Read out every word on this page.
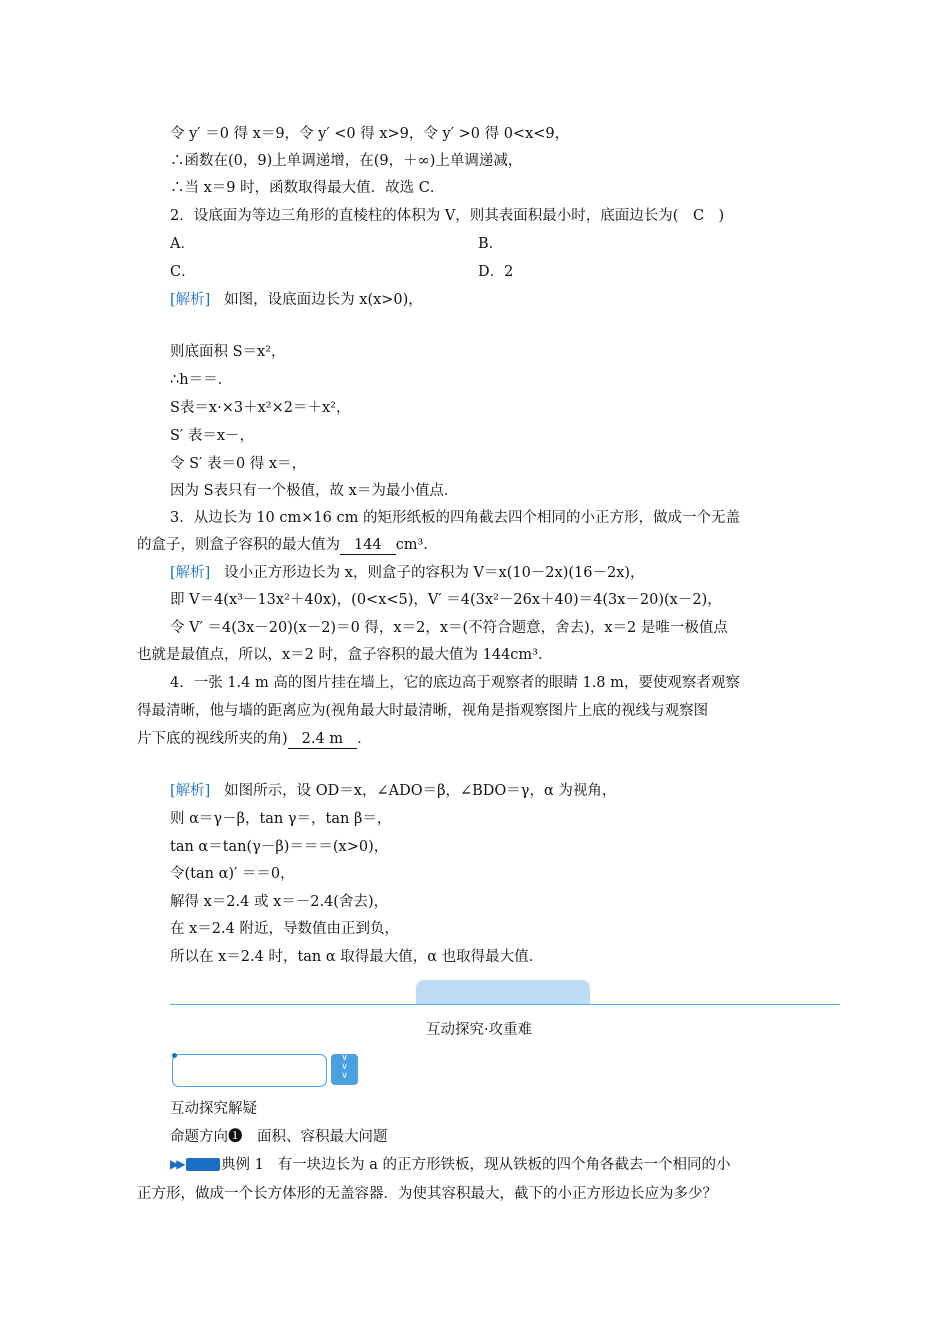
令 y′ ＝0 得 x＝9，令 y′ <0 得 x>9，令 y′ >0 得 0<x<9，
∴函数在(0，9)上单调递增，在(9，＋∞)上单调递减，
∴当 x＝9 时，函数取得最大值．故选 C．
2．设底面为等边三角形的直棱柱的体积为 V，则其表面积最小时，底面边长为(　C　)
A．	B．
C．	D．2
[解析] 如图，设底面边长为 x(x>0)，
则底面积 S＝x²，
∴h＝＝．
S表＝x·×3＋x²×2＝＋x²，
S′ 表＝x－，
令 S′ 表＝0 得 x＝，
因为 S表只有一个极值，故 x＝为最小值点．
3．从边长为 10 cm×16 cm 的矩形纸板的四角截去四个相同的小正方形，做成一个无盖
的盒子，则盒子容积的最大值为 144 cm³．
[解析] 设小正方形边长为 x，则盒子的容积为 V＝x(10－2x)(16－2x)，
即 V＝4(x³－13x²＋40x)，(0<x<5)，V′ ＝4(3x²－26x＋40)＝4(3x－20)(x－2)，
令 V′ ＝4(3x－20)(x－2)＝0 得，x＝2，x＝(不符合题意，舍去)，x＝2 是唯一极值点
也就是最值点，所以，x＝2 时，盒子容积的最大值为 144cm³．
4．一张 1.4 m 高的图片挂在墙上，它的底边高于观察者的眼睛 1.8 m，要使观察者观察
得最清晰，他与墙的距离应为(视角最大时最清晰，视角是指观察图片上底的视线与观察图
片下底的视线所夹的角) 2.4 m ．
[解析] 如图所示，设 OD＝x，∠ADO＝β，∠BDO＝γ，α 为视角，
则 α＝γ－β，tan γ＝，tan β＝，
tan α＝tan(γ－β)＝＝＝(x>0)，
令(tan α)′ ＝＝0，
解得 x＝2.4 或 x＝－2.4(舍去)，
在 x＝2.4 附近，导数值由正到负，
所以在 x＝2.4 时，tan α 取得最大值，α 也取得最大值．
互动探究·攻重难
∨
∨
∨
互动探究解疑
命题方向❶　面积、容积最大问题
▶▶	典例 1 有一块边长为 a 的正方形铁板，现从铁板的四个角各截去一个相同的小
正方形，做成一个长方体形的无盖容器．为使其容积最大，截下的小正方形边长应为多少？
